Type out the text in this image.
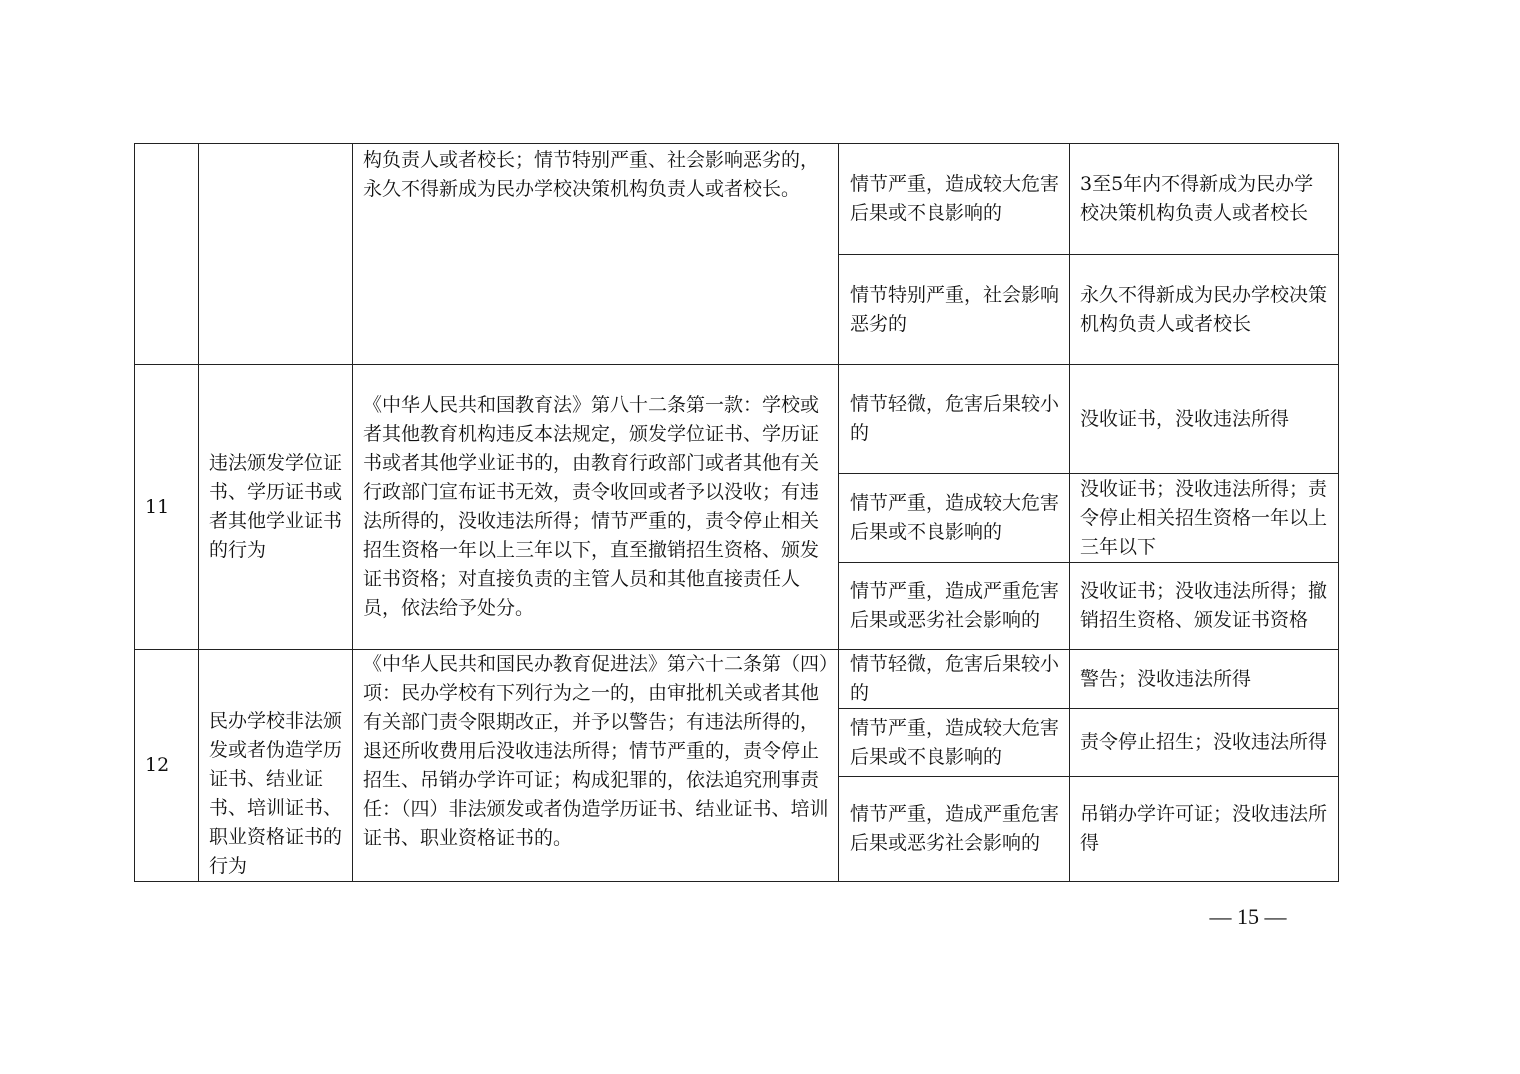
		构负责人或者校长；情节特别严重、社会影响恶劣的，永久不得新成为民办学校决策机构负责人或者校长。	情节严重，造成较大危害后果或不良影响的	3至5年内不得新成为民办学校决策机构负责人或者校长

			情节特别严重，社会影响恶劣的	永久不得新成为民办学校决策机构负责人或者校长

11	违法颁发学位证书、学历证书或者其他学业证书的行为	《中华人民共和国教育法》第八十二条第一款：学校或者其他教育机构违反本法规定，颁发学位证书、学历证书或者其他学业证书的，由教育行政部门或者其他有关行政部门宣布证书无效，责令收回或者予以没收；有违法所得的，没收违法所得；情节严重的，责令停止相关招生资格一年以上三年以下，直至撤销招生资格、颁发证书资格；对直接负责的主管人员和其他直接责任人员，依法给予处分。	情节轻微，危害后果较小的	没收证书，没收违法所得

			情节严重，造成较大危害后果或不良影响的	没收证书；没收违法所得；责令停止相关招生资格一年以上三年以下

			情节严重，造成严重危害后果或恶劣社会影响的	没收证书；没收违法所得；撤销招生资格、颁发证书资格

12	民办学校非法颁发或者伪造学历证书、结业证书、培训证书、职业资格证书的行为	《中华人民共和国民办教育促进法》第六十二条第（四）项：民办学校有下列行为之一的，由审批机关或者其他有关部门责令限期改正，并予以警告；有违法所得的，退还所收费用后没收违法所得；情节严重的，责令停止招生、吊销办学许可证；构成犯罪的，依法追究刑事责任：（四）非法颁发或者伪造学历证书、结业证书、培训证书、职业资格证书的。	情节轻微，危害后果较小的	警告；没收违法所得

			情节严重，造成较大危害后果或不良影响的	责令停止招生；没收违法所得

			情节严重，造成严重危害后果或恶劣社会影响的	吊销办学许可证；没收违法所得
— 15 —
